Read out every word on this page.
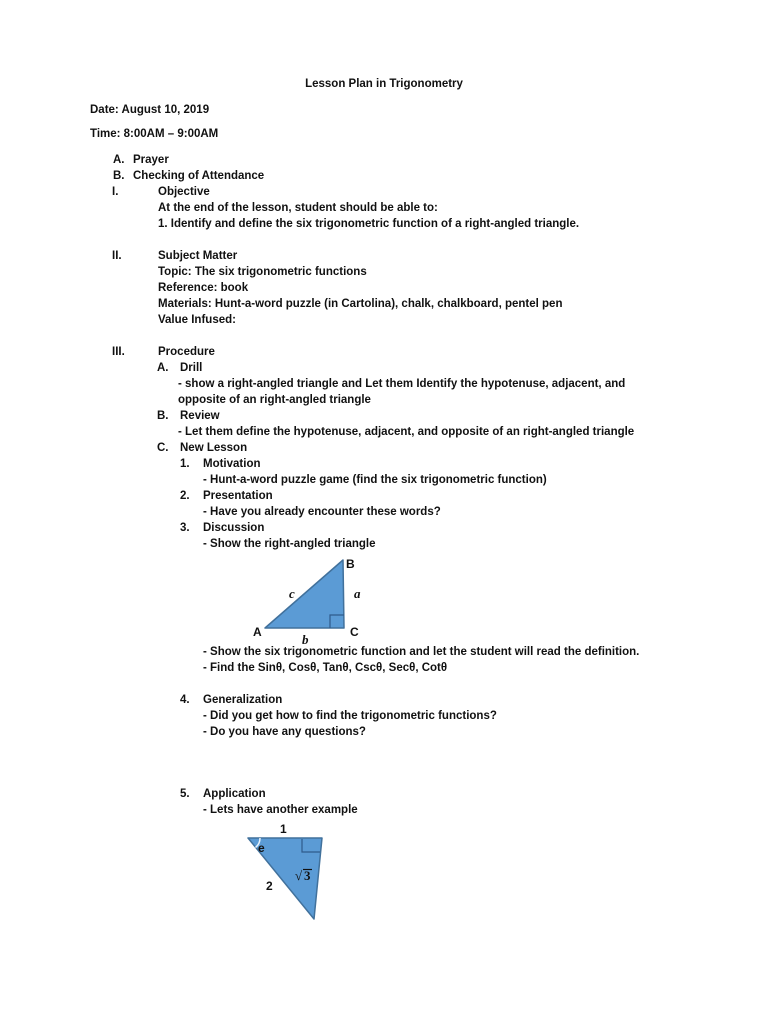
Lesson Plan in Trigonometry
Date: August 10, 2019
Time: 8:00AM – 9:00AM
A. Prayer
B. Checking of Attendance
I.	Objective
At the end of the lesson, student should be able to:
1. Identify and define the six trigonometric function of a right-angled triangle.
II.	Subject Matter
Topic: The six trigonometric functions
Reference: book
Materials: Hunt-a-word puzzle (in Cartolina), chalk, chalkboard, pentel pen
Value Infused:
III.	Procedure
A. Drill
- show a right-angled triangle and Let them Identify the hypotenuse, adjacent, and
opposite of an right-angled triangle
B. Review
- Let them define the hypotenuse, adjacent, and opposite of an right-angled triangle
C. New Lesson
1. Motivation
- Hunt-a-word puzzle game (find the six trigonometric function)
2. Presentation
- Have you already encounter these words?
3. Discussion
- Show the right-angled triangle
B
c	a
A	b	C
- Show the six trigonometric function and let the student will read the definition.
- Find the Sinθ, Cosθ, Tanθ, Cscθ, Secθ, Cotθ
4. Generalization
- Did you get how to find the trigonometric functions?
- Do you have any questions?
5. Application
- Lets have another example
1
e
2
√ 3
